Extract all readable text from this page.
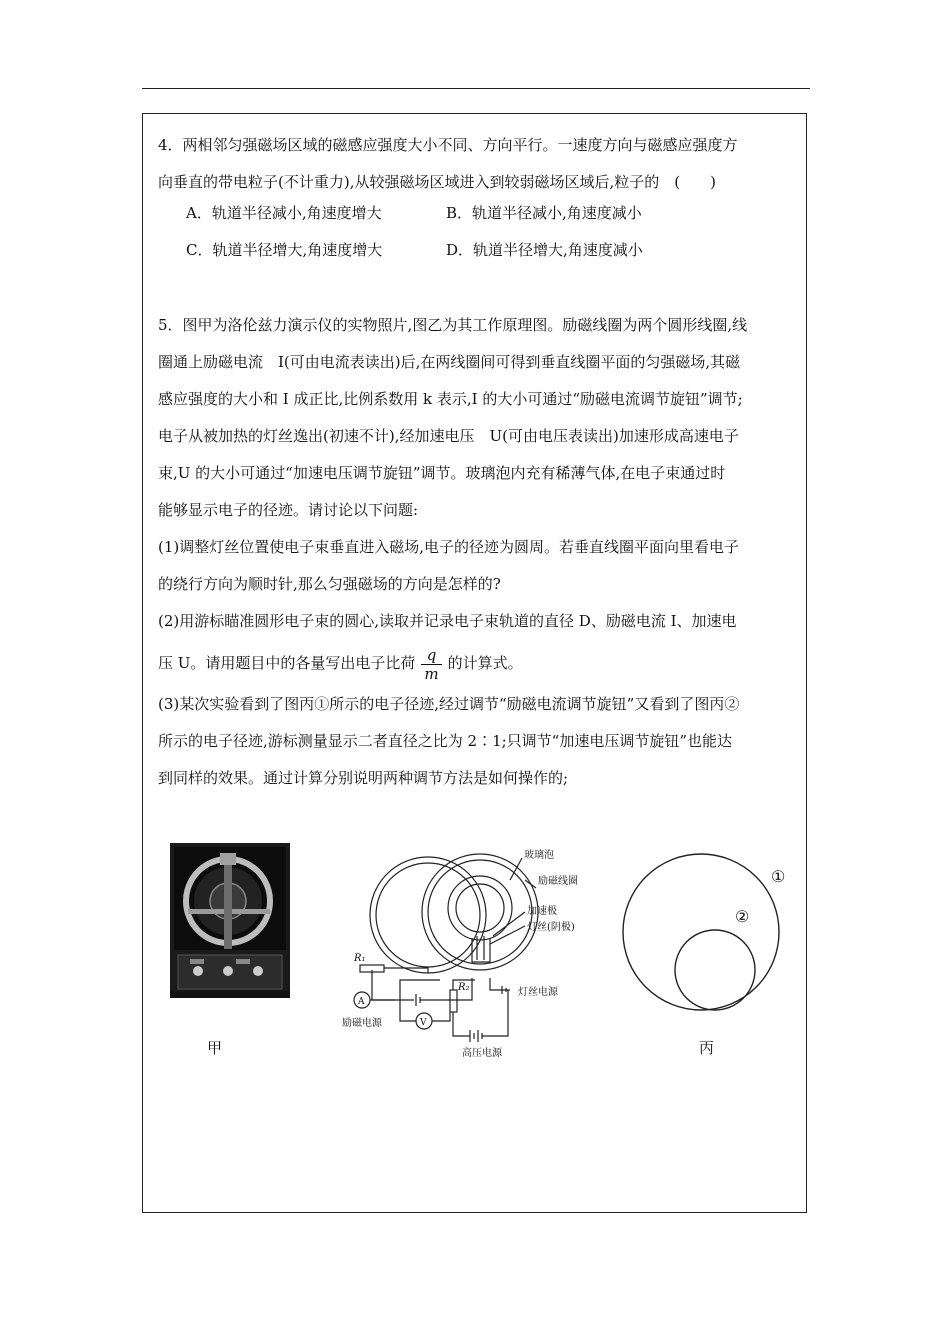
4．两相邻匀强磁场区域的磁感应强度大小不同、方向平行。一速度方向与磁感应强度方
向垂直的带电粒子(不计重力),从较强磁场区域进入到较弱磁场区域后,粒子的　(　　)
A．轨道半径减小,角速度增大	B．轨道半径减小,角速度减小
C．轨道半径增大,角速度增大	D．轨道半径增大,角速度减小
5．图甲为洛伦兹力演示仪的实物照片,图乙为其工作原理图。励磁线圈为两个圆形线圈,线
圈通上励磁电流　I(可由电流表读出)后,在两线圈间可得到垂直线圈平面的匀强磁场,其磁
感应强度的大小和 I 成正比,比例系数用 k 表示,I 的大小可通过“励磁电流调节旋钮”调节;
电子从被加热的灯丝逸出(初速不计),经加速电压　U(可由电压表读出)加速形成高速电子
束,U 的大小可通过“加速电压调节旋钮”调节。玻璃泡内充有稀薄气体,在电子束通过时
能够显示电子的径迹。请讨论以下问题:
(1)调整灯丝位置使电子束垂直进入磁场,电子的径迹为圆周。若垂直线圈平面向里看电子
的绕行方向为顺时针,那么匀强磁场的方向是怎样的?
(2)用游标瞄准圆形电子束的圆心,读取并记录电子束轨道的直径 D、励磁电流 I、加速电
压 U。请用题目中的各量写出电子比荷 $\frac{q}{m}$ 的计算式。
(3)某次实验看到了图丙①所示的电子径迹,经过调节“励磁电流调节旋钮”又看到了图丙②
所示的电子径迹,游标测量显示二者直径之比为 2∶1;只调节“加速电压调节旋钮”也能达
到同样的效果。通过计算分别说明两种调节方法是如何操作的;
甲
玻璃泡
励磁线圈
加速极
灯丝(阴极)
灯丝电源
励磁电源
高压电源
R₁
R₂
A
V
①
②
丙
